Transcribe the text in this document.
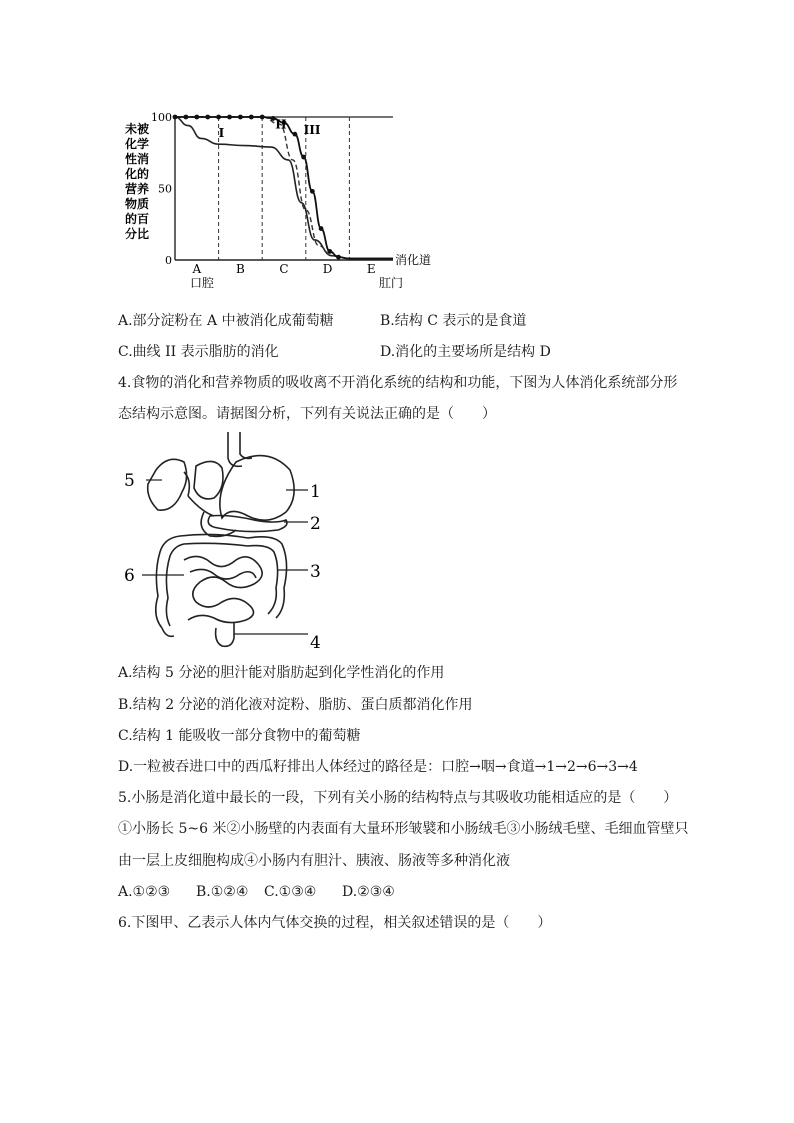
未被
化学
性消
化的
营养
物质
的百
分比
100
50
0
I
II III
A	B	C	D	E
消化道
口腔	肛门
A.部分淀粉在 A 中被消化成葡萄糖	B.结构 C 表示的是食道
C.曲线 II 表示脂肪的消化	D.消化的主要场所是结构 D
4.食物的消化和营养物质的吸收离不开消化系统的结构和功能，下图为人体消化系统部分形
态结构示意图。请据图分析，下列有关说法正确的是（　　）
5
1
2
6	3
4
A.结构 5 分泌的胆汁能对脂肪起到化学性消化的作用
B.结构 2 分泌的消化液对淀粉、脂肪、蛋白质都消化作用
C.结构 1 能吸收一部分食物中的葡萄糖
D.一粒被吞进口中的西瓜籽排出人体经过的路径是：口腔→咽→食道→1→2→6→3→4
5.小肠是消化道中最长的一段，下列有关小肠的结构特点与其吸收功能相适应的是（　　）
①小肠长 5~6 米②小肠壁的内表面有大量环形皱襞和小肠绒毛③小肠绒毛壁、毛细血管壁只
由一层上皮细胞构成④小肠内有胆汁、胰液、肠液等多种消化液
A.①②③ B.①②④ C.①③④ D.②③④
6.下图甲、乙表示人体内气体交换的过程，相关叙述错误的是（　　）
